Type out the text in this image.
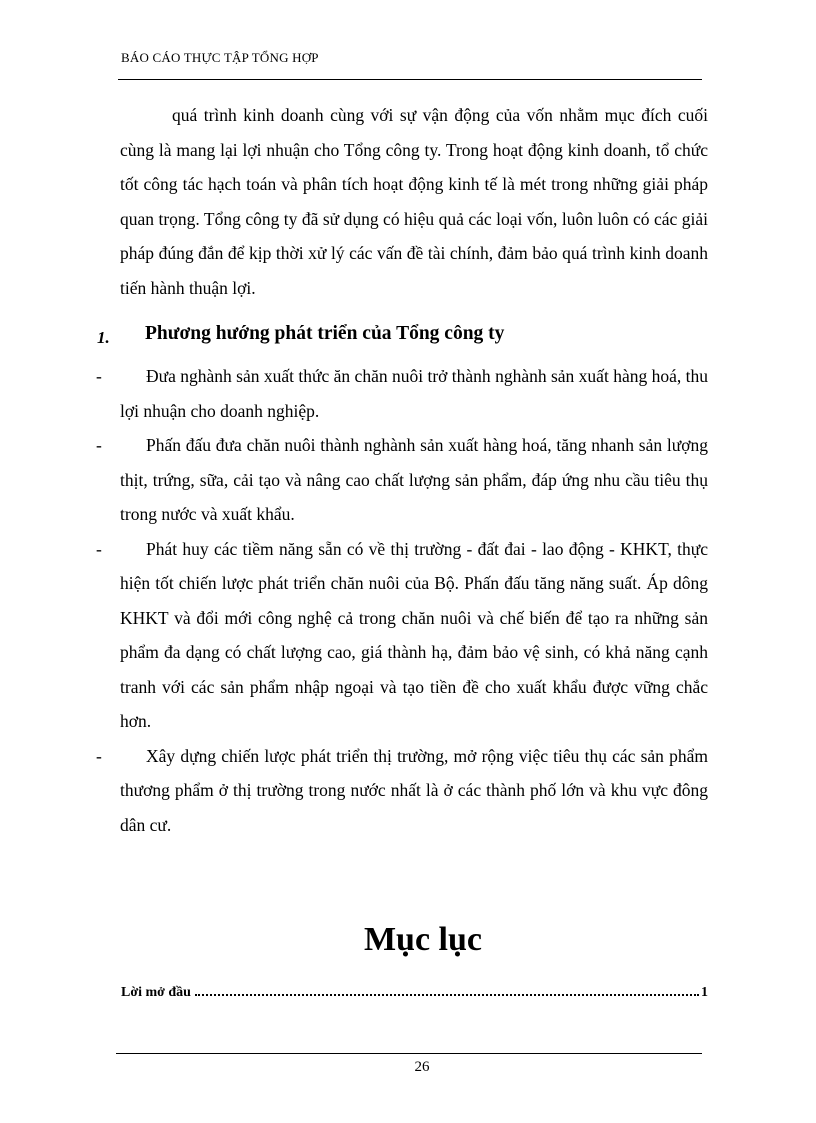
BÁO CÁO THỰC TẬP TỔNG HỢP

quá trình kinh doanh cùng với sự vận động của vốn nhằm mục đích cuối cùng là mang lại lợi nhuận cho Tổng công ty. Trong hoạt động kinh doanh, tổ chức tốt công tác hạch toán và phân tích hoạt động kinh tế là mét trong những giải pháp quan trọng. Tổng công ty đã sử dụng có hiệu quả các loại vốn, luôn luôn có các giải pháp đúng đắn để kịp thời xử lý các vấn đề tài chính, đảm bảo quá trình kinh doanh tiến hành thuận lợi.

1. Phương hướng phát triển của Tổng công ty
-	Đưa nghành sản xuất thức ăn chăn nuôi trở thành nghành sản xuất hàng hoá, thu lợi nhuận cho doanh nghiệp.
-	Phấn đấu đưa chăn nuôi thành nghành sản xuất hàng hoá, tăng nhanh sản lượng thịt, trứng, sữa, cải tạo và nâng cao chất lượng sản phẩm, đáp ứng nhu cầu tiêu thụ trong nước và xuất khẩu.
-	Phát huy các tiềm năng sẵn có về thị trường - đất đai - lao động - KHKT, thực hiện tốt chiến lược phát triển chăn nuôi của Bộ. Phấn đấu tăng năng suất. Áp dông KHKT và đổi mới công nghệ cả trong chăn nuôi và chế biến để tạo ra những sản phẩm đa dạng có chất lượng cao, giá thành hạ, đảm bảo vệ sinh, có khả năng cạnh tranh với các sản phẩm nhập ngoại và tạo tiền đề cho xuất khẩu được vững chắc hơn.
-	Xây dựng chiến lược phát triển thị trường, mở rộng việc tiêu thụ các sản phẩm thương phẩm ở thị trường trong nước nhất là ở các thành phố lớn và khu vực đông dân cư.
Mục lục
Lời mở đầu	1
26
